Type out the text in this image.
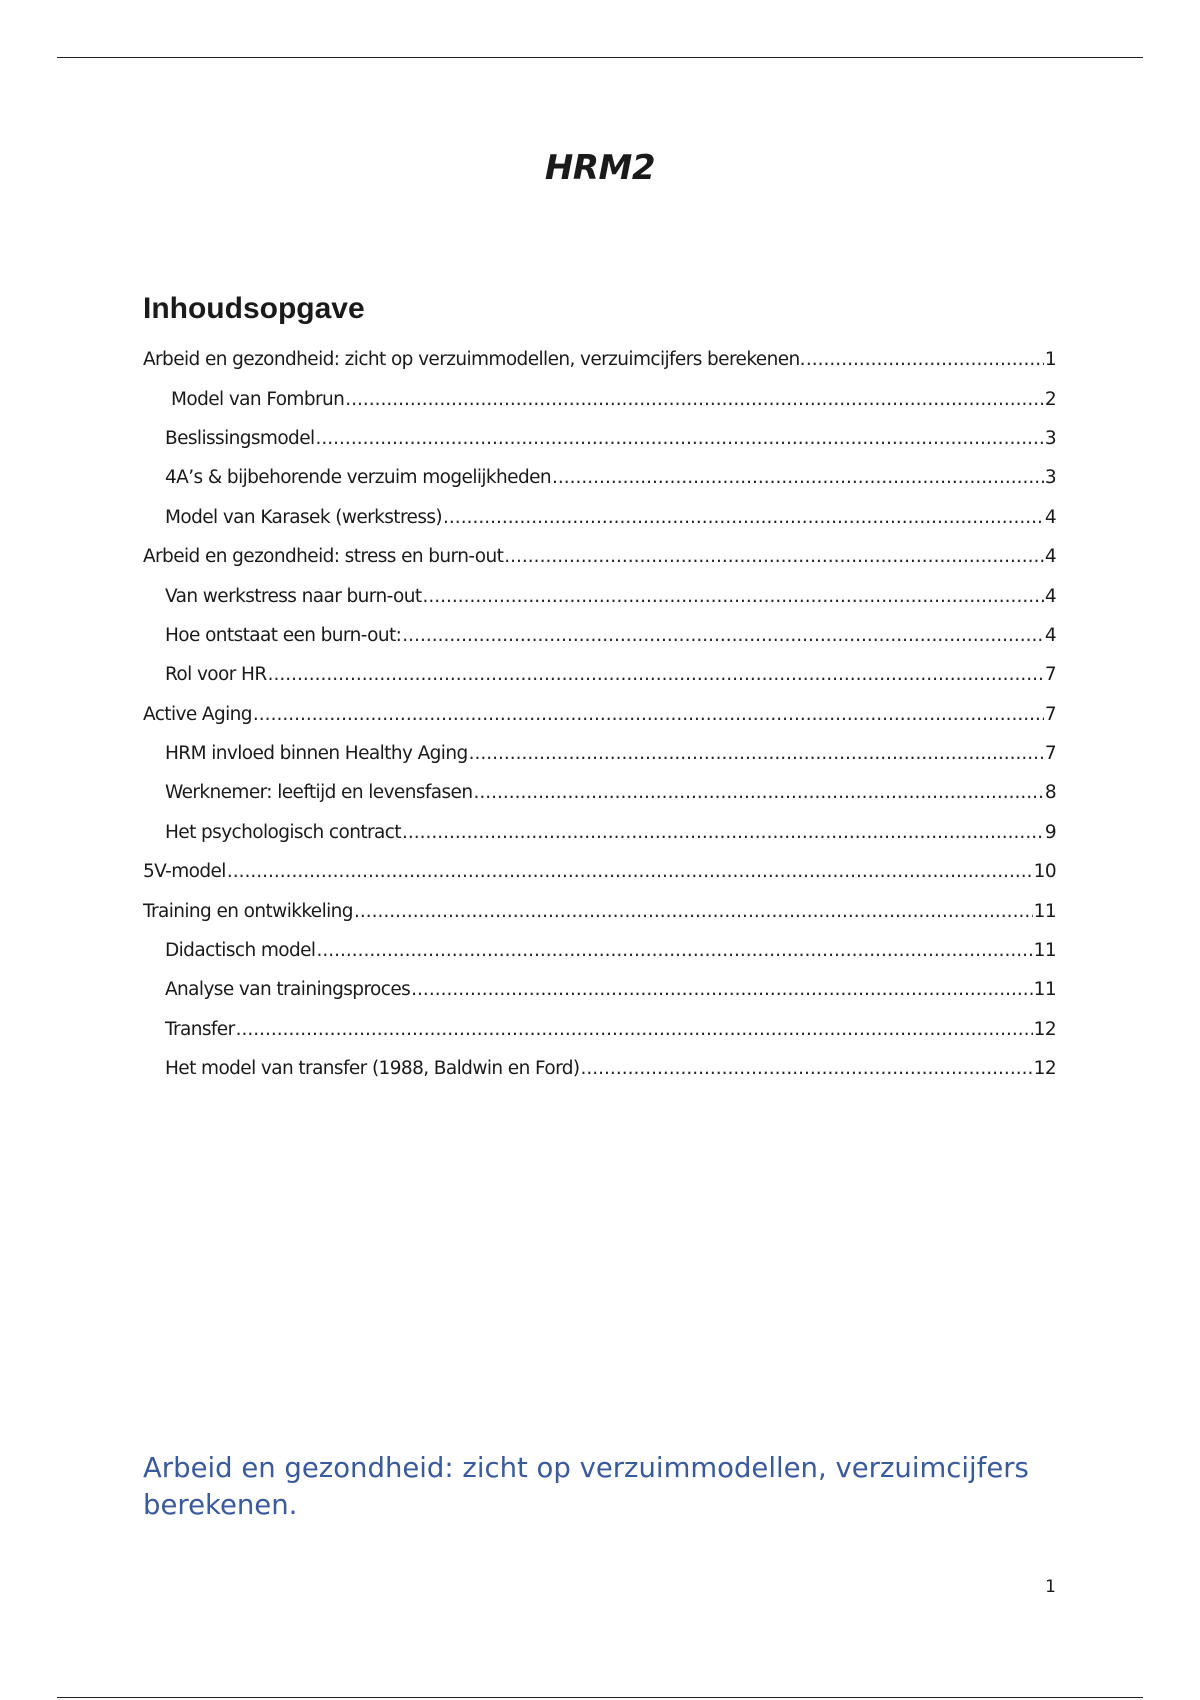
HRM2
Inhoudsopgave
Arbeid en gezondheid: zicht op verzuimmodellen, verzuimcijfers berekenen. .....	1
Model van Fombrun .....	2
Beslissingsmodel .....	3
4A’s & bijbehorende verzuim mogelijkheden .....	3
Model van Karasek (werkstress) .....	4
Arbeid en gezondheid: stress en burn-out .....	4
Van werkstress naar burn-out .....	4
Hoe ontstaat een burn-out: .....	4
Rol voor HR .....	7
Active Aging .....	7
HRM invloed binnen Healthy Aging .....	7
Werknemer: leeftijd en levensfasen .....	8
Het psychologisch contract .....	9
5V-model .....	10
Training en ontwikkeling .....	11
Didactisch model .....	11
Analyse van trainingsproces .....	11
Transfer .....	12
Het model van transfer (1988, Baldwin en Ford) .....	12
Arbeid en gezondheid: zicht op verzuimmodellen, verzuimcijfers berekenen.
1
